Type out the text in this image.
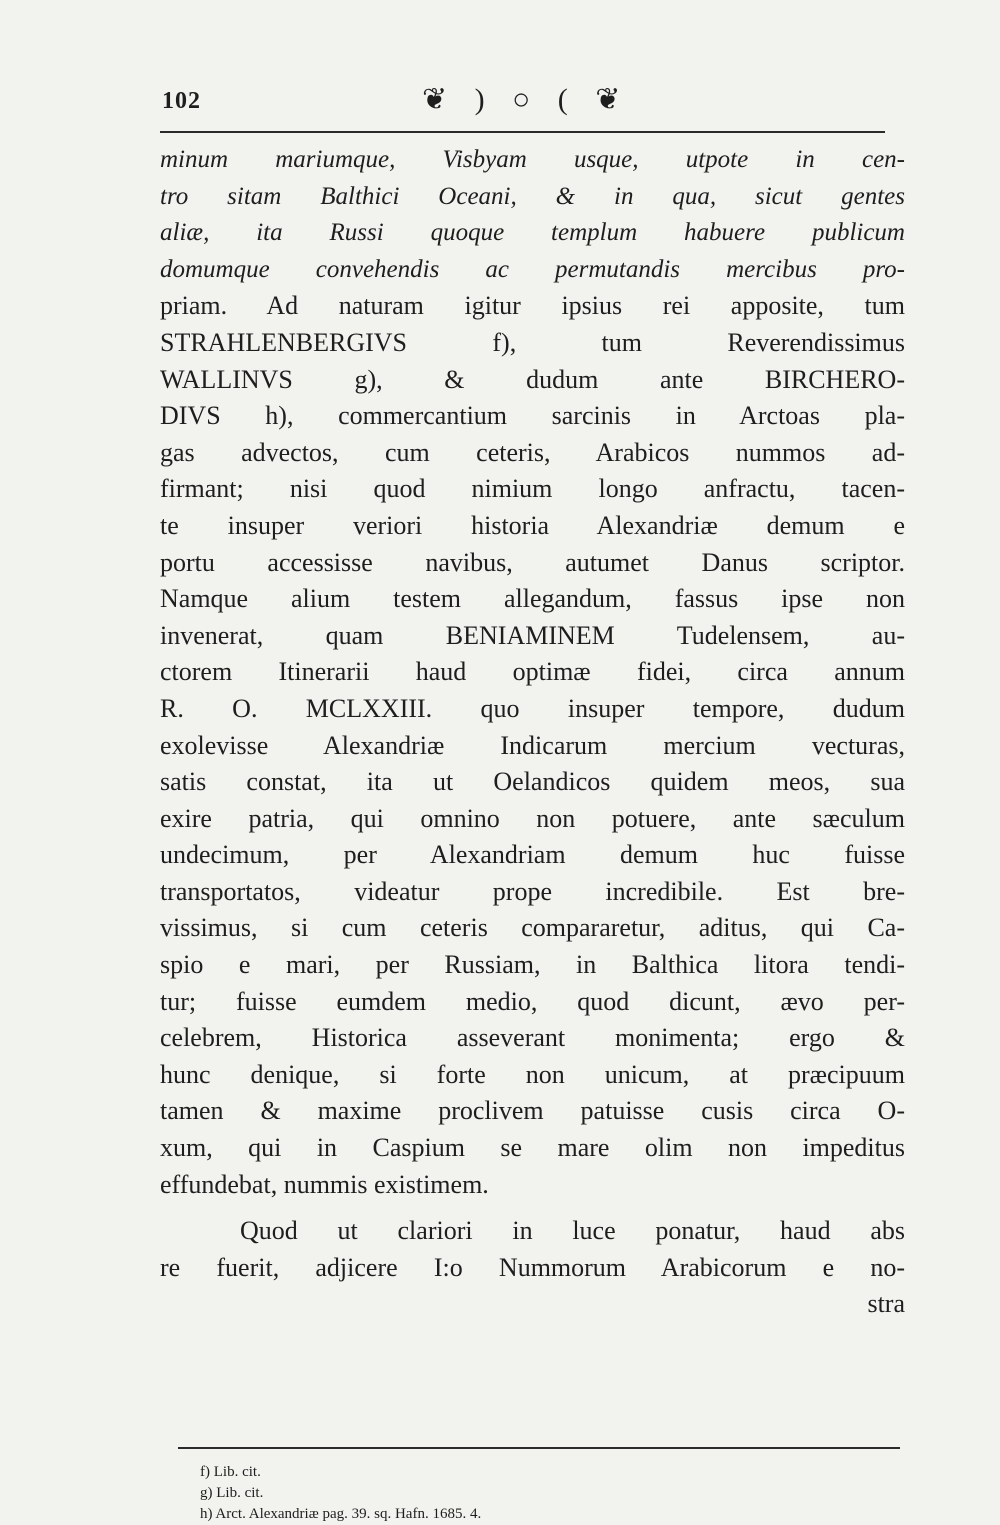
102	❦ ) ○ ( ❦
minum mariumque, Visbyam usque, utpote in cen-
tro sitam Balthici Oceani, & in qua, sicut gentes
aliæ, ita Russi quoque templum habuere publicum
domumque convehendis ac permutandis mercibus pro-
priam. Ad naturam igitur ipsius rei apposite, tum
STRAHLENBERGIVS f), tum Reverendissimus
WALLINVS g), & dudum ante BIRCHERO-
DIVS h), commercantium sarcinis in Arctoas pla-
gas advectos, cum ceteris, Arabicos nummos ad-
firmant; nisi quod nimium longo anfractu, tacen-
te insuper veriori historia Alexandriæ demum e
portu accessisse navibus, autumet Danus scriptor.
Namque alium testem allegandum, fassus ipse non
invenerat, quam BENIAMINEM Tudelensem, au-
ctorem Itinerarii haud optimæ fidei, circa annum
R. O. MCLXXIII. quo insuper tempore, dudum
exolevisse Alexandriæ Indicarum mercium vecturas,
satis constat, ita ut Oelandicos quidem meos, sua
exire patria, qui omnino non potuere, ante sæculum
undecimum, per Alexandriam demum huc fuisse
transportatos, videatur prope incredibile. Est bre-
vissimus, si cum ceteris compararetur, aditus, qui Ca-
spio e mari, per Russiam, in Balthica litora tendi-
tur; fuisse eumdem medio, quod dicunt, ævo per-
celebrem, Historica asseverant monimenta; ergo &
hunc denique, si forte non unicum, at præcipuum
tamen & maxime proclivem patuisse cusis circa O-
xum, qui in Caspium se mare olim non impeditus
effundebat, nummis existimem.
Quod ut clariori in luce ponatur, haud abs
re fuerit, adjicere I:o Nummorum Arabicorum e no-
stra
f) Lib. cit.
g) Lib. cit.
h) Arct. Alexandriæ pag. 39. sq. Hafn. 1685. 4.
